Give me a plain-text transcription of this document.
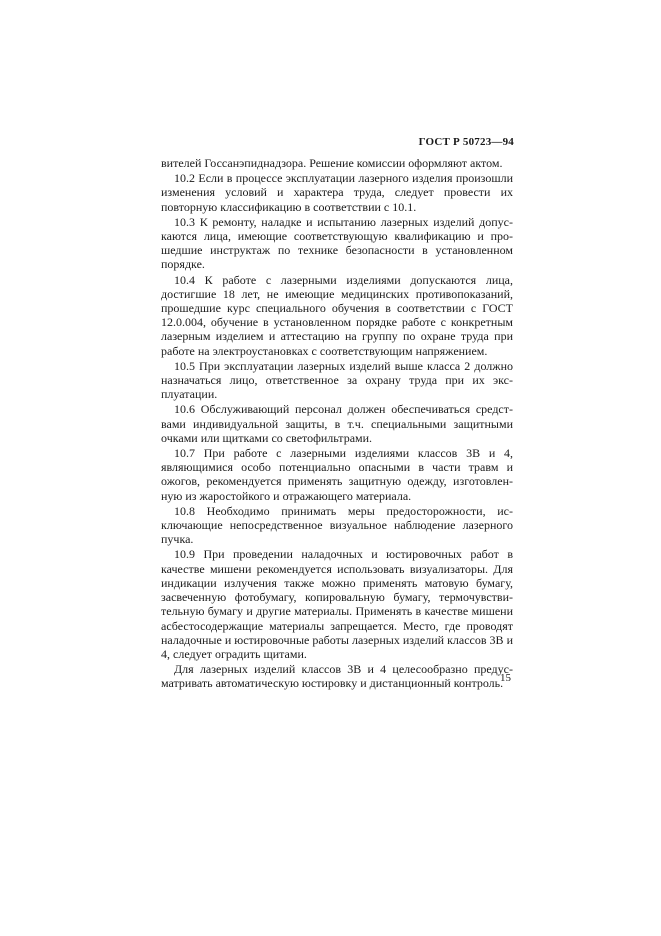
ГОСТ Р 50723—94

вителей Госсанэпиднадзора. Решение комиссии оформляют актом.

10.2 Если в процессе эксплуатации лазерного изделия произошли изменения условий и характера труда, следует провести их повторную классификацию в соответствии с 10.1.

10.3 К ремонту, наладке и испытанию лазерных изделий допускаются лица, имеющие соответствующую квалификацию и прошедшие инструктаж по технике безопасности в установленном порядке.

10.4 К работе с лазерными изделиями допускаются лица, достигшие 18 лет, не имеющие медицинских противопоказаний, прошедшие курс специального обучения в соответствии с ГОСТ 12.0.004, обучение в установленном порядке работе с конкретным лазерным изделием и аттестацию на группу по охране труда при работе на электроустановках с соответствующим напряжением.

10.5 При эксплуатации лазерных изделий выше класса 2 должно назначаться лицо, ответственное за охрану труда при их эксплуатации.

10.6 Обслуживающий персонал должен обеспечиваться средствами индивидуальной защиты, в т.ч. специальными защитными очками или щитками со светофильтрами.

10.7 При работе с лазерными изделиями классов 3В и 4, являющимися особо потенциально опасными в части травм и ожогов, рекомендуется применять защитную одежду, изготовленную из жаростойкого и отражающего материала.

10.8 Необходимо принимать меры предосторожности, исключающие непосредственное визуальное наблюдение лазерного пучка.

10.9 При проведении наладочных и юстировочных работ в качестве мишени рекомендуется использовать визуализаторы. Для индикации излучения также можно применять матовую бумагу, засвеченную фотобумагу, копировальную бумагу, термочувствительную бумагу и другие материалы. Применять в качестве мишени асбестосодержащие материалы запрещается. Место, где проводят наладочные и юстировочные работы лазерных изделий классов 3В и 4, следует оградить щитами.

Для лазерных изделий классов 3В и 4 целесообразно предусматривать автоматическую юстировку и дистанционный контроль.

15
